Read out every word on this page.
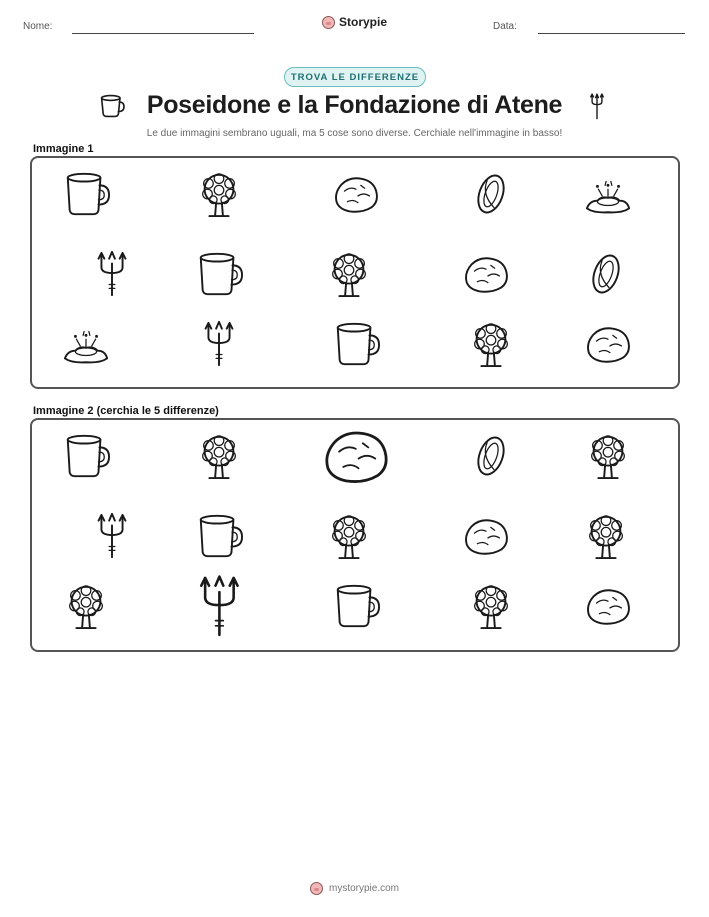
Nome:	Storypie	Data:
TROVA LE DIFFERENZE
Poseidone e la Fondazione di Atene
Le due immagini sembrano uguali, ma 5 cose sono diverse. Cerchiale nell'immagine in basso!
Immagine 1
Immagine 2 (cerchia le 5 differenze)
mystorypie.com
